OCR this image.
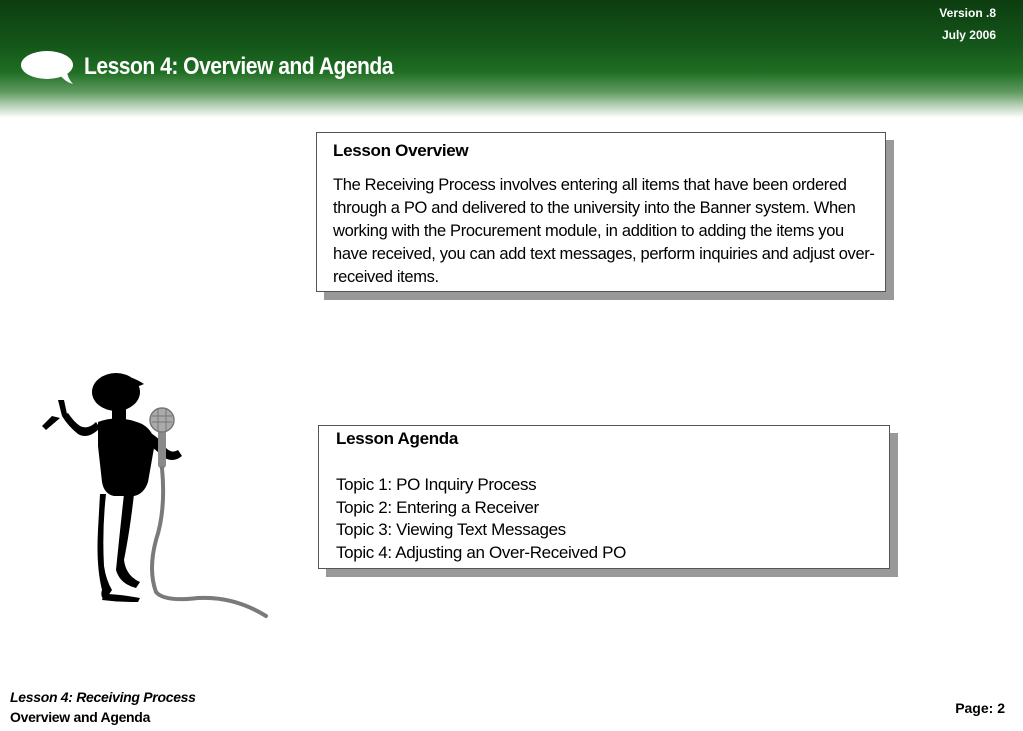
Version .8
July 2006
Lesson 4: Overview and Agenda
Lesson Overview
The Receiving Process involves entering all items that have been ordered through a PO and delivered to the university into the Banner system. When working with the Procurement module, in addition to adding the items you have received, you can add text messages, perform inquiries and adjust over-received items.
Lesson Agenda
Topic 1: PO Inquiry Process
Topic 2: Entering a Receiver
Topic 3: Viewing Text Messages
Topic 4: Adjusting an Over-Received PO
Lesson 4: Receiving Process
Overview and Agenda
Page: 2
